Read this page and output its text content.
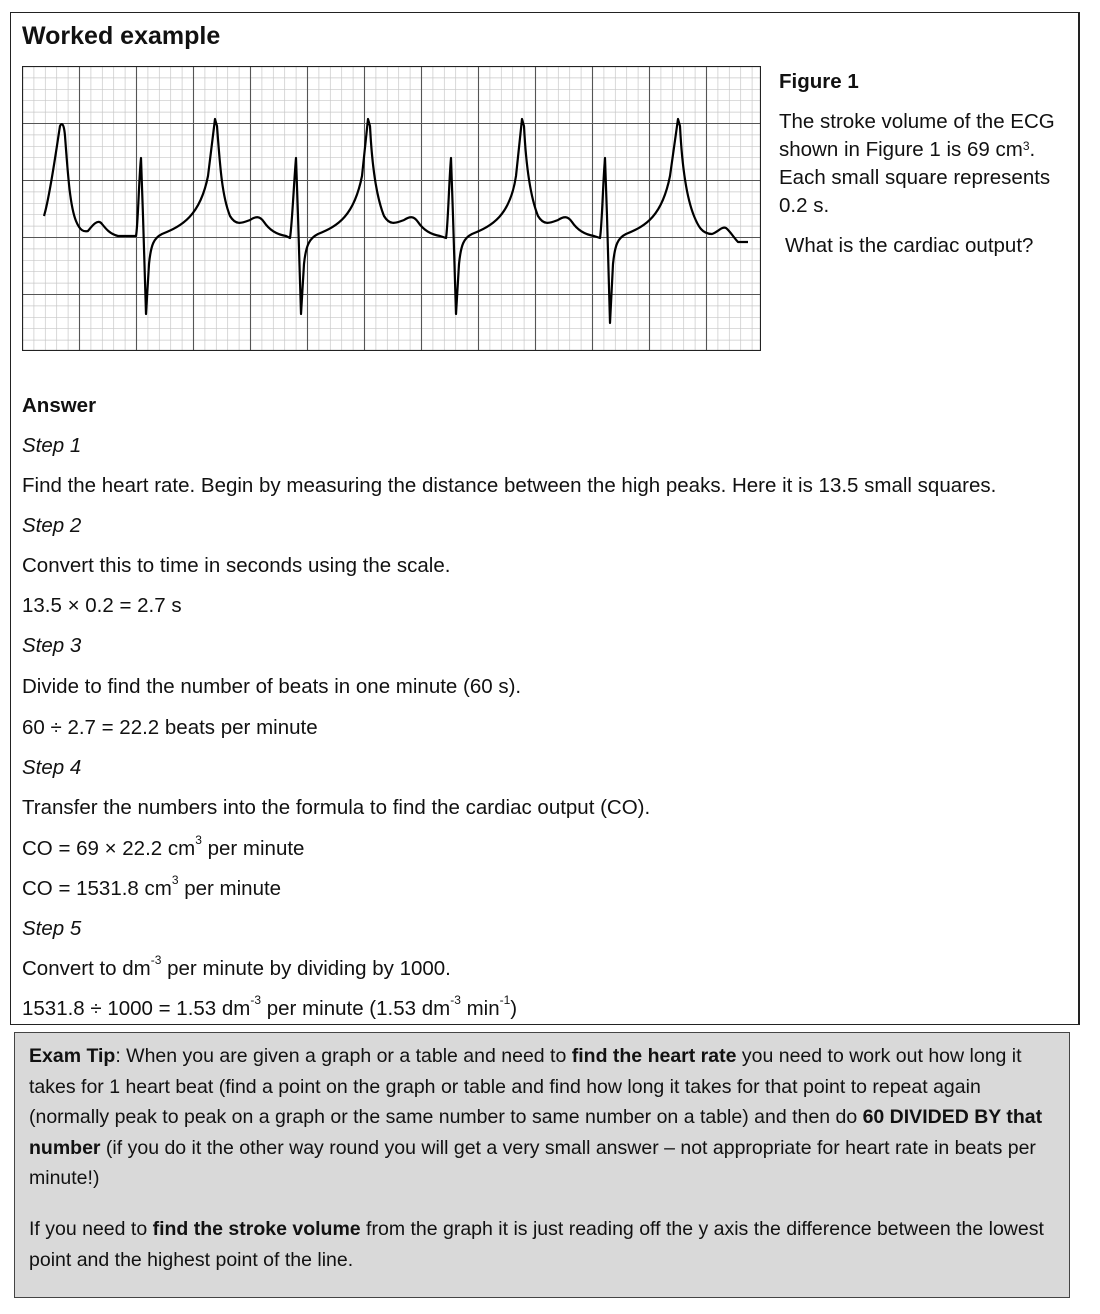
Worked example
Figure 1
The stroke volume of the ECG shown in Figure 1 is 69 $cm^3$. Each small square represents 0.2 s.
What is the cardiac output?
Answer
Step 1
Find the heart rate. Begin by measuring the distance between the high peaks. Here it is 13.5 small squares.
Step 2
Convert this to time in seconds using the scale.
13.5 × 0.2 = 2.7 s
Step 3
Divide to find the number of beats in one minute (60 s).
60 ÷ 2.7 = 22.2 beats per minute
Step 4
Transfer the numbers into the formula to find the cardiac output (CO).
CO = 69 × 22.2 $cm^3$ per minute
CO = 1531.8 $cm^3$ per minute
Step 5
Convert to $dm^{-3}$ per minute by dividing by 1000.
1531.8 ÷ 1000 = 1.53 $dm^{-3}$ per minute (1.53 $dm^{-3}$ $\min^{-1}$)

Exam Tip: When you are given a graph or a table and need to find the heart rate you need to work out how long it takes for 1 heart beat (find a point on the graph or table and find how long it takes for that point to repeat again (normally peak to peak on a graph or the same number to same number on a table) and then do 60 DIVIDED BY that number (if you do it the other way round you will get a very small answer – not appropriate for heart rate in beats per minute!)

If you need to find the stroke volume from the graph it is just reading off the y axis the difference between the lowest point and the highest point of the line.
